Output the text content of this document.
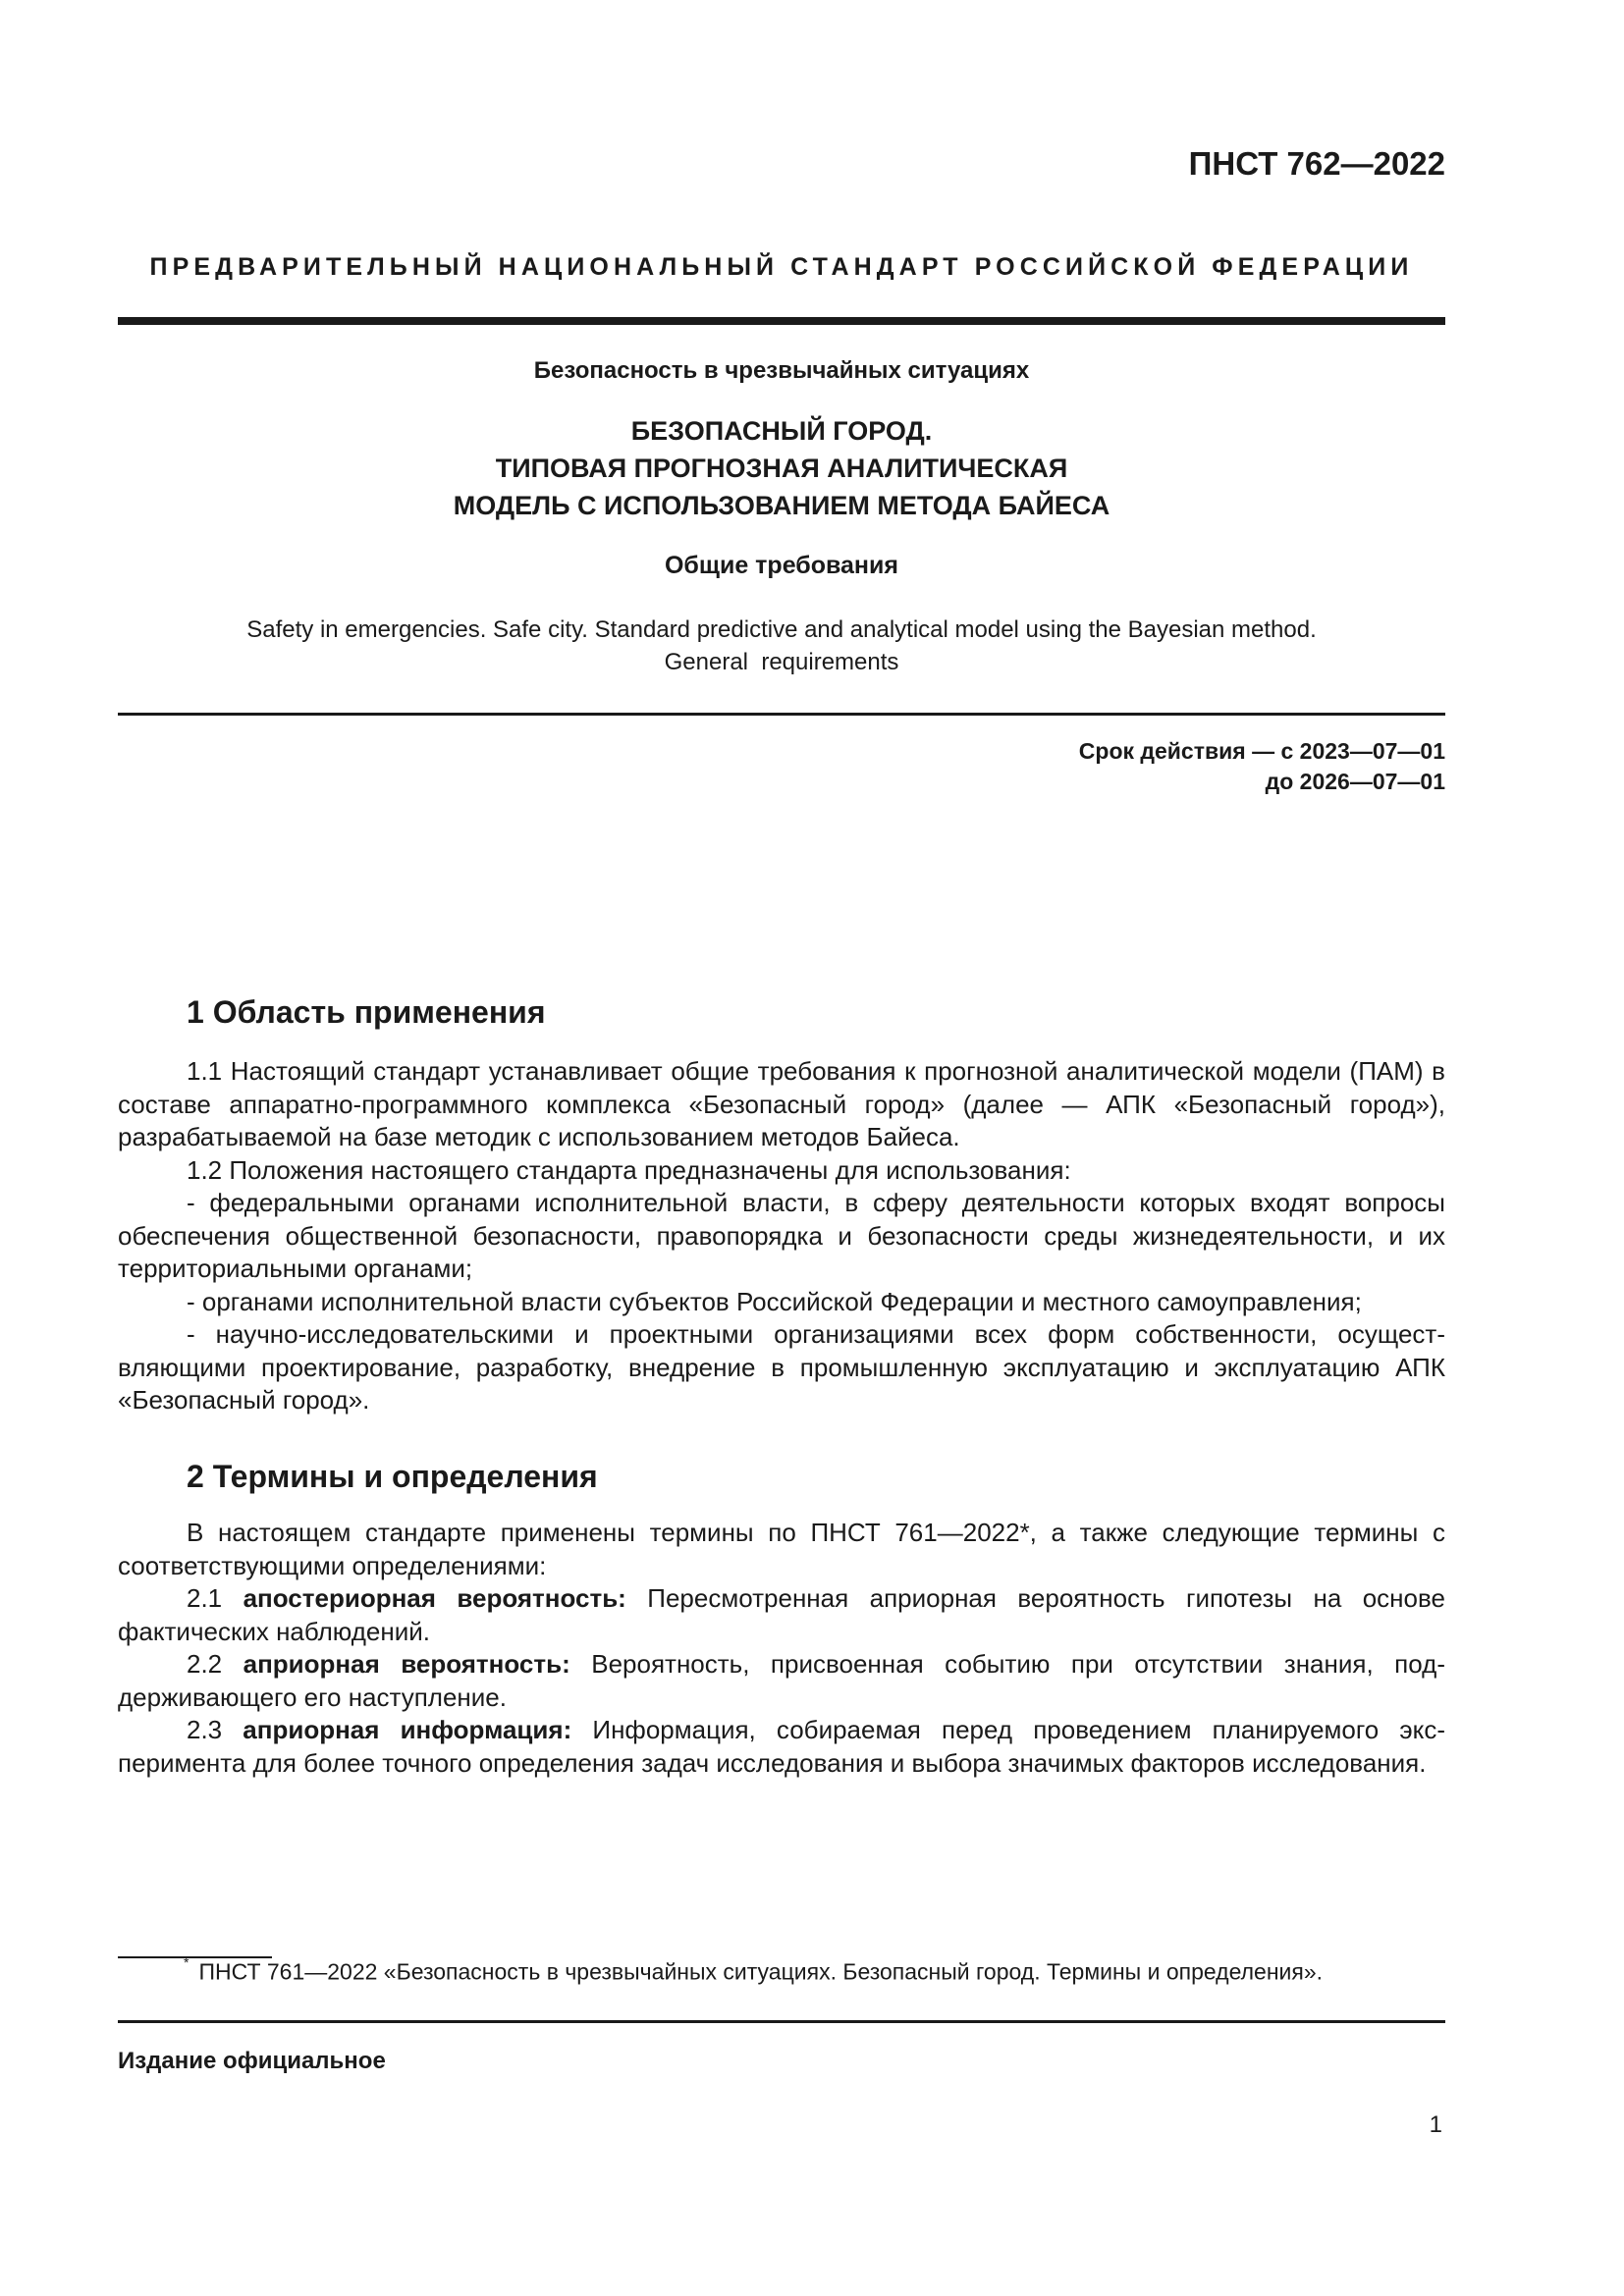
ПНСТ 762—2022
ПРЕДВАРИТЕЛЬНЫЙ НАЦИОНАЛЬНЫЙ СТАНДАРТ РОССИЙСКОЙ ФЕДЕРАЦИИ
Безопасность в чрезвычайных ситуациях
БЕЗОПАСНЫЙ ГОРОД.
ТИПОВАЯ ПРОГНОЗНАЯ АНАЛИТИЧЕСКАЯ
МОДЕЛЬ С ИСПОЛЬЗОВАНИЕМ МЕТОДА БАЙЕСА
Общие требования
Safety in emergencies. Safe city. Standard predictive and analytical model using the Bayesian method.
General  requirements
Срок действия — с 2023—07—01
до 2026—07—01
1 Область применения

1.1 Настоящий стандарт устанавливает общие требования к прогнозной аналитической модели (ПАМ) в составе аппаратно-программного комплекса «Безопасный город» (далее — АПК «Безопасный город»), разрабатываемой на базе методик с использованием методов Байеса.

1.2 Положения настоящего стандарта предназначены для использования:

- федеральными органами исполнительной власти, в сферу деятельности которых входят вопросы обеспечения общественной безопасности, правопорядка и безопасности среды жизнедеятельности, и их территориальными органами;

- органами исполнительной власти субъектов Российской Федерации и местного самоуправления;

- научно-исследовательскими и проектными организациями всех форм собственности, осуществляющими проектирование, разработку, внедрение в промышленную эксплуатацию и эксплуатацию АПК «Безопасный город».

2 Термины и определения

В настоящем стандарте применены термины по ПНСТ 761—2022*, а также следующие термины с соответствующими определениями:

2.1 апостериорная вероятность: Пересмотренная априорная вероятность гипотезы на основе фактических наблюдений.

2.2 априорная вероятность: Вероятность, присвоенная событию при отсутствии знания, поддерживающего его наступление.

2.3 априорная информация: Информация, собираемая перед проведением планируемого эксперимента для более точного определения задач исследования и выбора значимых факторов исследования.

* ПНСТ 761—2022 «Безопасность в чрезвычайных ситуациях. Безопасный город. Термины и определения».
Издание официальное
1
